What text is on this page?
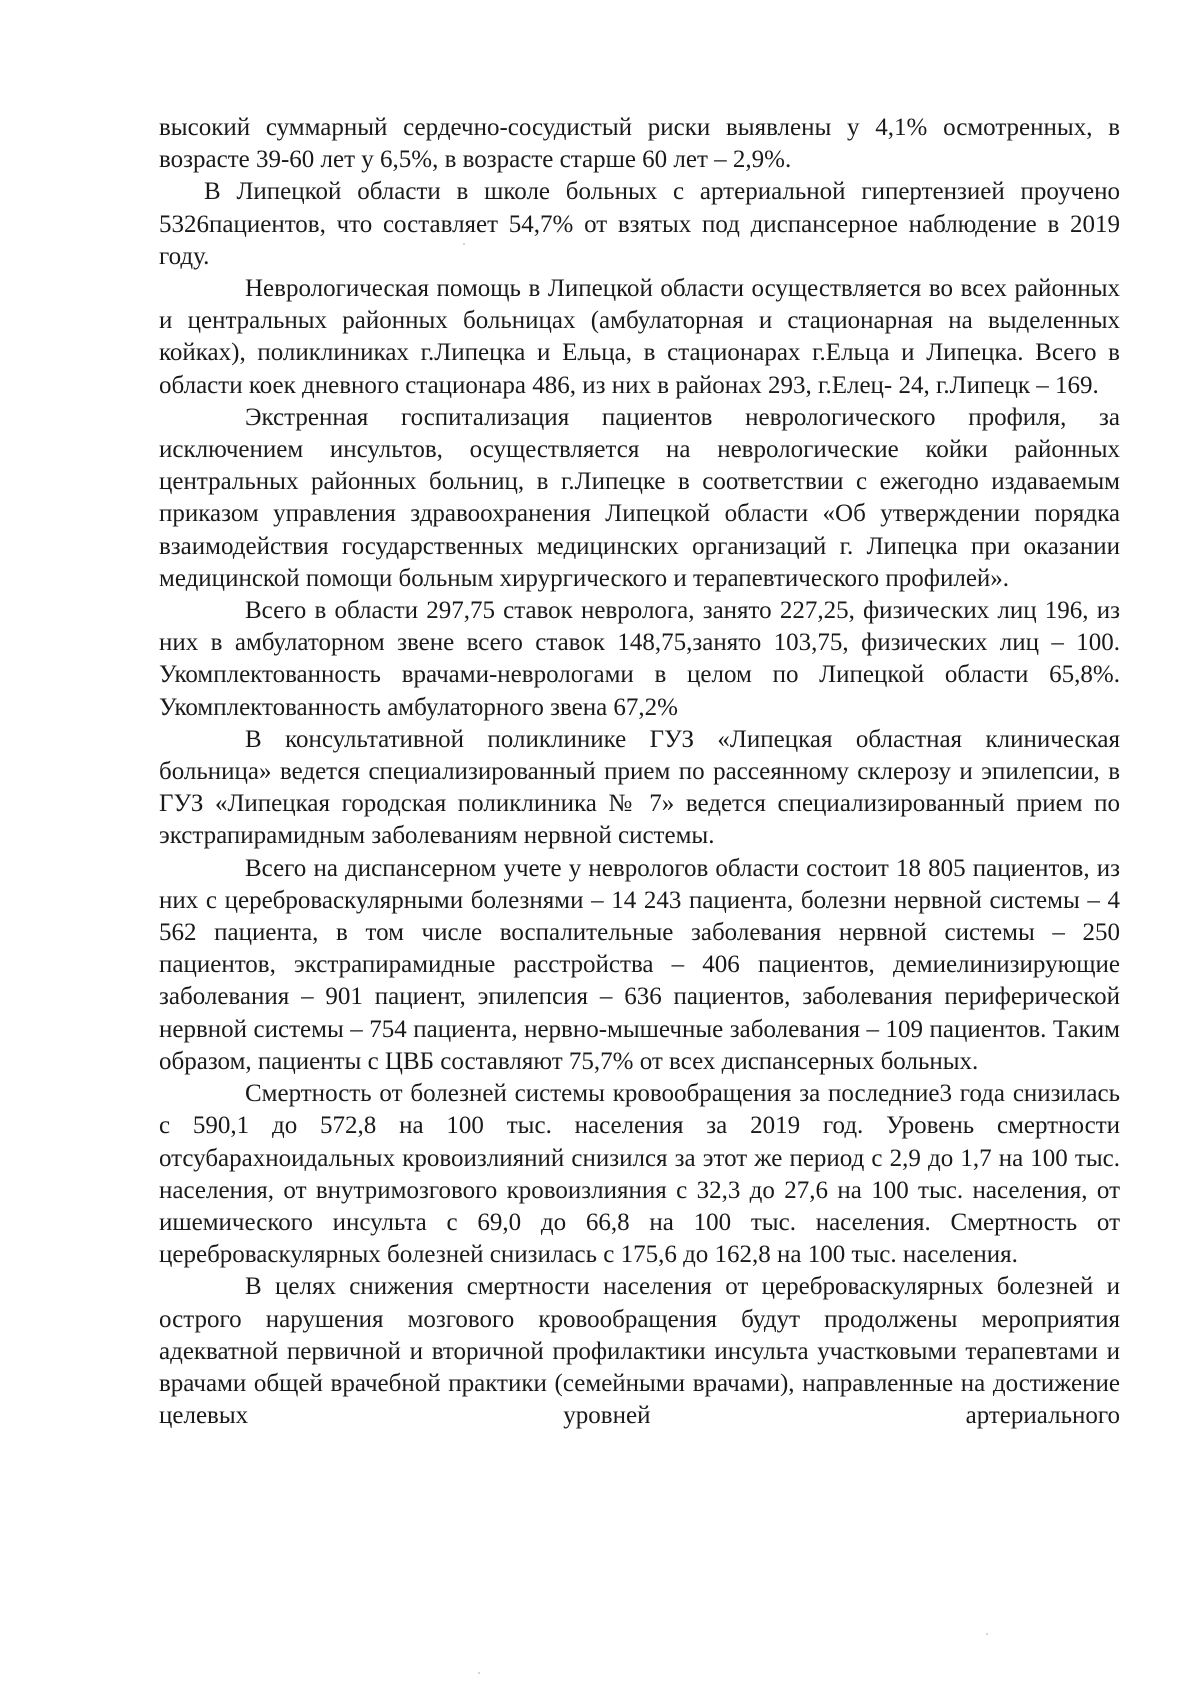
высокий суммарный сердечно-сосудистый риски выявлены у 4,1% осмотренных, в возрасте 39-60 лет у 6,5%, в возрасте старше 60 лет – 2,9%.

В Липецкой области в школе больных с артериальной гипертензией проучено 5326пациентов, что составляет 54,7% от взятых под диспансерное наблюдение в 2019 году.

Неврологическая помощь в Липецкой области осуществляется во всех районных и центральных районных больницах (амбулаторная и стационарная на выделенных койках), поликлиниках г.Липецка и Ельца, в стационарах г.Ельца и Липецка. Всего в области коек дневного стационара 486, из них в районах 293, г.Елец- 24, г.Липецк – 169.

Экстренная госпитализация пациентов неврологического профиля, за исключением инсультов, осуществляется на неврологические койки районных центральных районных больниц, в г.Липецке в соответствии с ежегодно издаваемым приказом управления здравоохранения Липецкой области «Об утверждении порядка взаимодействия государственных медицинских организаций г. Липецка при оказании медицинской помощи больным хирургического и терапевтического профилей».

Всего в области 297,75 ставок невролога, занято 227,25, физических лиц 196, из них в амбулаторном звене всего ставок 148,75,занято 103,75, физических лиц – 100. Укомплектованность врачами-неврологами в целом по Липецкой области 65,8%. Укомплектованность амбулаторного звена 67,2%

В консультативной поликлинике ГУЗ «Липецкая областная клиническая больница» ведется специализированный прием по рассеянному склерозу и эпилепсии, в ГУЗ «Липецкая городская поликлиника № 7» ведется специализированный прием по экстрапирамидным заболеваниям нервной системы.

Всего на диспансерном учете у неврологов области состоит 18 805 пациентов, из них с цереброваскулярными болезнями – 14 243 пациента, болезни нервной системы – 4 562 пациента, в том числе воспалительные заболевания нервной системы – 250 пациентов, экстрапирамидные расстройства – 406 пациентов, демиелинизирующие заболевания – 901 пациент, эпилепсия – 636 пациентов, заболевания периферической нервной системы – 754 пациента, нервно-мышечные заболевания – 109 пациентов. Таким образом, пациенты с ЦВБ составляют 75,7% от всех диспансерных больных.

Смертность от болезней системы кровообращения за последние3 года снизилась с 590,1 до 572,8 на 100 тыс. населения за 2019 год. Уровень смертности отсубарахноидальных кровоизлияний снизился за этот же период с 2,9 до 1,7 на 100 тыс. населения, от внутримозгового кровоизлияния с 32,3 до 27,6 на 100 тыс. населения, от ишемического инсульта с 69,0 до 66,8 на 100 тыс. населения. Смертность от цереброваскулярных болезней снизилась с 175,6 до 162,8 на 100 тыс. населения.

В целях снижения смертности населения от цереброваскулярных болезней и острого нарушения мозгового кровообращения будут продолжены мероприятия адекватной первичной и вторичной профилактики инсульта участковыми терапевтами и врачами общей врачебной практики (семейными врачами), направленные на достижение целевых уровней артериального
